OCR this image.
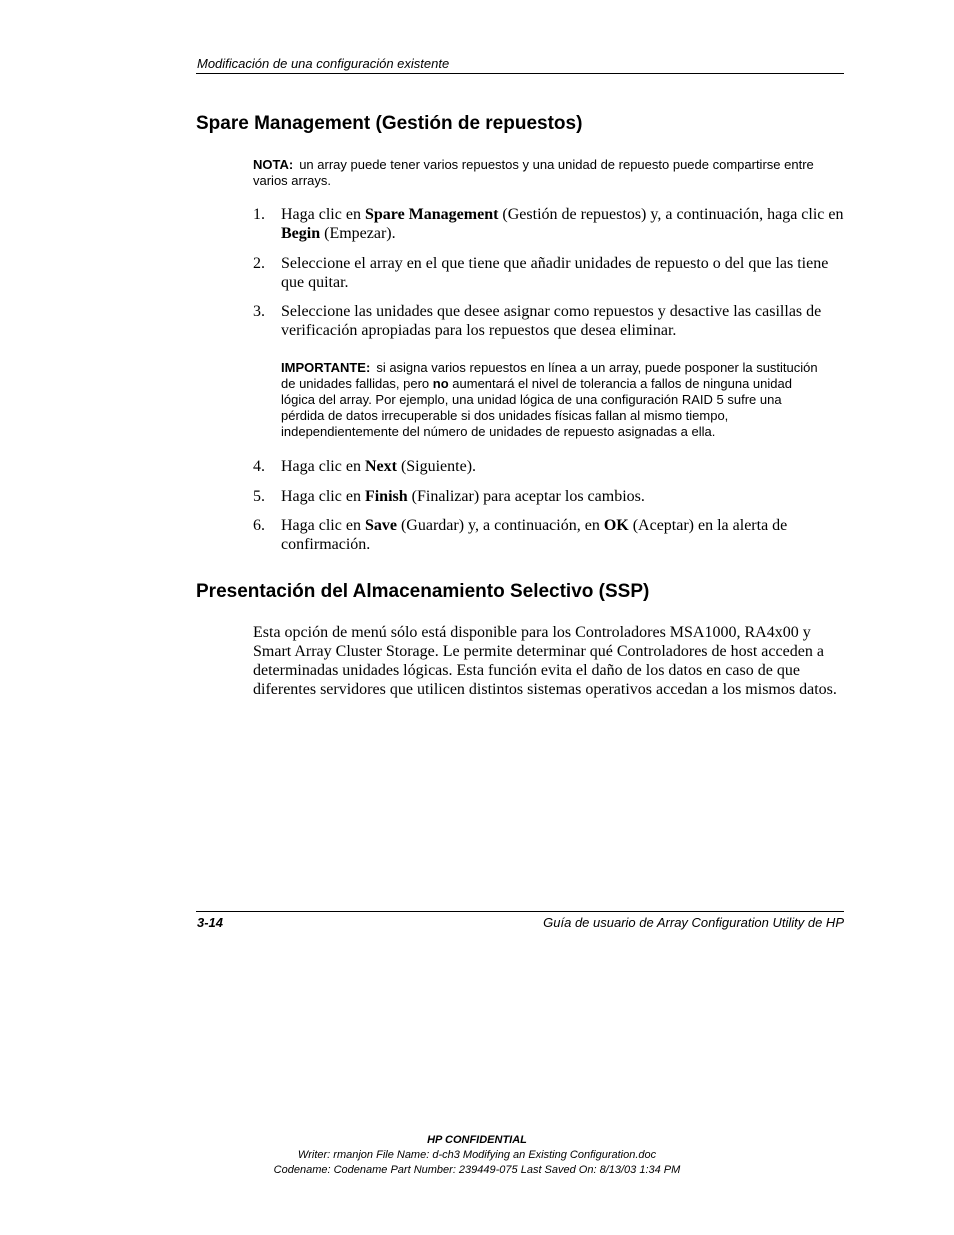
Modificación de una configuración existente
Spare Management (Gestión de repuestos)
NOTA: un array puede tener varios repuestos y una unidad de repuesto puede compartirse entre varios arrays.
1. Haga clic en Spare Management (Gestión de repuestos) y, a continuación, haga clic en Begin (Empezar).
2. Seleccione el array en el que tiene que añadir unidades de repuesto o del que las tiene que quitar.
3. Seleccione las unidades que desee asignar como repuestos y desactive las casillas de verificación apropiadas para los repuestos que desea eliminar.
IMPORTANTE: si asigna varios repuestos en línea a un array, puede posponer la sustitución de unidades fallidas, pero no aumentará el nivel de tolerancia a fallos de ninguna unidad lógica del array. Por ejemplo, una unidad lógica de una configuración RAID 5 sufre una pérdida de datos irrecuperable si dos unidades físicas fallan al mismo tiempo, independientemente del número de unidades de repuesto asignadas a ella.
4. Haga clic en Next (Siguiente).
5. Haga clic en Finish (Finalizar) para aceptar los cambios.
6. Haga clic en Save (Guardar) y, a continuación, en OK (Aceptar) en la alerta de confirmación.
Presentación del Almacenamiento Selectivo (SSP)
Esta opción de menú sólo está disponible para los Controladores MSA1000, RA4x00 y Smart Array Cluster Storage. Le permite determinar qué Controladores de host acceden a determinadas unidades lógicas. Esta función evita el daño de los datos en caso de que diferentes servidores que utilicen distintos sistemas operativos accedan a los mismos datos.
3-14	Guía de usuario de Array Configuration Utility de HP
HP CONFIDENTIAL
Writer: rmanjon File Name: d-ch3 Modifying an Existing Configuration.doc
Codename: Codename Part Number: 239449-075 Last Saved On: 8/13/03 1:34 PM
